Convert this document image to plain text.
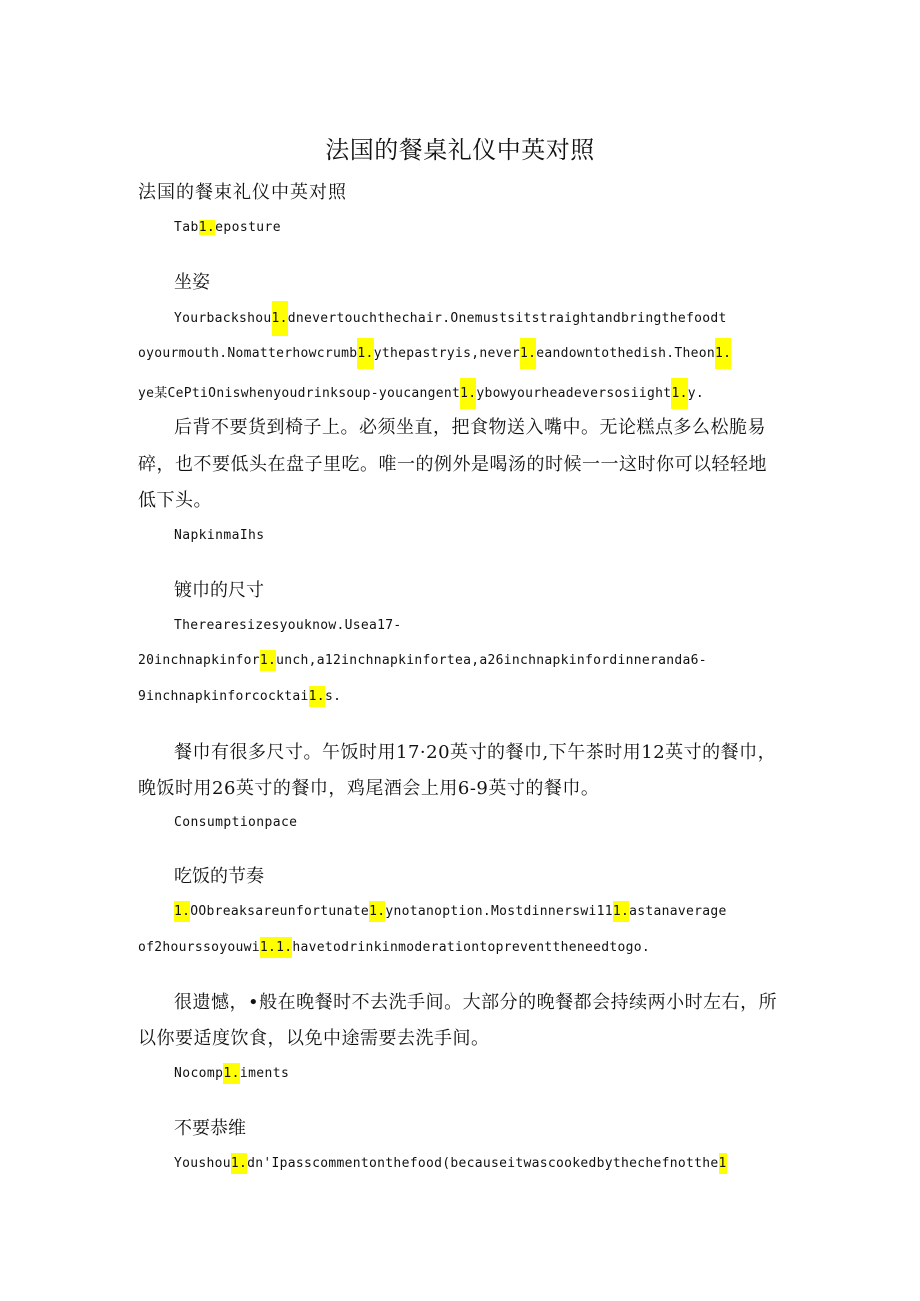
法国的餐桌礼仪中英对照
法国的餐束礼仪中英对照
Tab1.eposture
坐姿
Yourbackshou1.dnevertouchthechair.Onemustsitstraightandbringthefoodt
oyourmouth.Nomatterhowcrumb1.ythepastryis,never1.eandowntothedish.Theon1.
ye某CePtiOniswhenyoudrinksoup-youcangent1.ybowyourheadeversosiight1.y.
后背不要货到椅子上。必须坐直，把食物送入嘴中。无论糕点多么松脆易
碎，也不要低头在盘子里吃。唯一的例外是喝汤的时候一一这时你可以轻轻地
低下头。
NapkinmaIhs
镀巾的尺寸
Therearesizesyouknow.Usea17-
20inchnapkinfor1.unch,a12inchnapkinfortea,a26inchnapkinfordinneranda6-
9inchnapkinforcocktai1.s.
餐巾有很多尺寸。午饭时用17·20英寸的餐巾,下午茶时用12英寸的餐巾，
晚饭时用26英寸的餐巾，鸡尾酒会上用6-9英寸的餐巾。
Consumptionpace
吃饭的节奏
1.OObreaksareunfortunate1.ynotanoption.Mostdinnerswi111.astanaverage
of2hourssoyouwi1.1.havetodrinkinmoderationtopreventtheneedtogo.
很遗憾，•般在晚餐时不去洗手间。大部分的晚餐都会持续两小时左右，所
以你要适度饮食，以免中途需要去洗手间。
Nocomp1.iments
不要恭维
Youshou1.dn'Ipasscommentonthefood(becauseitwascookedbythechefnotthe1
